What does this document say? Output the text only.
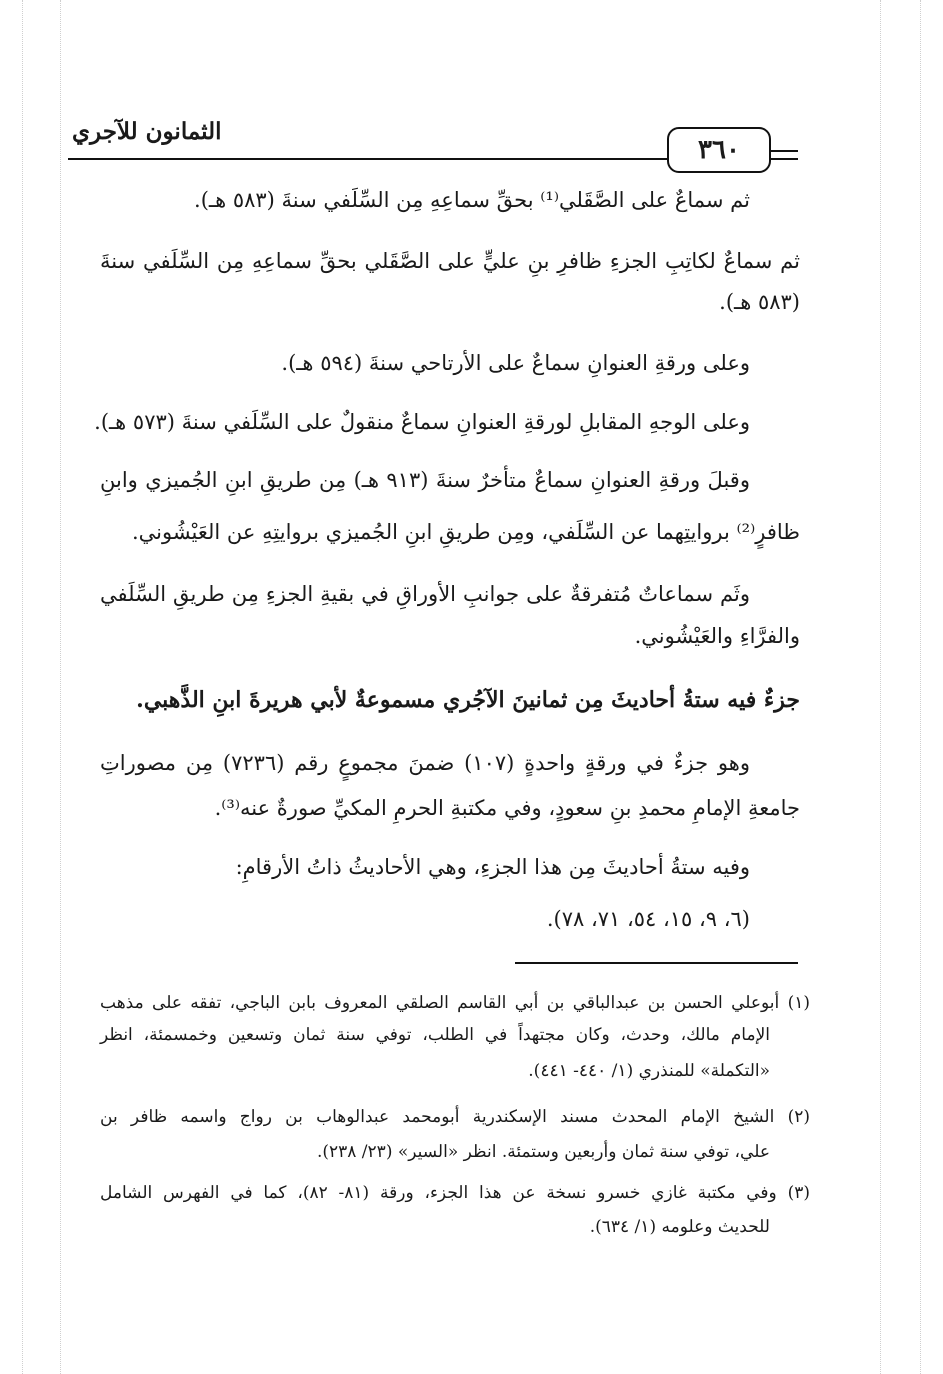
الثمانون للآجري
٣٦٠
ثم سماعٌ على الصَّقَلي⁽¹⁾ بحقِّ سماعِهِ مِن السِّلَفي سنةَ (٥٨٣ هـ).
ثم سماعٌ لكاتِبِ الجزءِ ظافرِ بنِ عليٍّ على الصَّقَلي بحقِّ سماعِهِ مِن السِّلَفي سنةَ
(٥٨٣ هـ).
وعلى ورقةِ العنوانِ سماعٌ على الأرتاحي سنةَ (٥٩٤ هـ).
وعلى الوجهِ المقابلِ لورقةِ العنوانِ سماعٌ منقولٌ على السِّلَفي سنةَ (٥٧٣ هـ).
وقبلَ ورقةِ العنوانِ سماعٌ متأخرٌ سنةَ (٩١٣ هـ) مِن طريقِ ابنِ الجُميزي وابنِ
ظافرٍ⁽²⁾ بروايتِهما عن السِّلَفي، ومِن طريقِ ابنِ الجُميزي بروايتِهِ عن العَيْشُوني.
وثَم سماعاتٌ مُتفرقةٌ على جوانبِ الأوراقِ في بقيةِ الجزءِ مِن طريقِ السِّلَفي
والفرَّاءِ والعَيْشُوني.
جزءٌ فيه ستةُ أحاديثَ مِن ثمانينَ الآجُري مسموعةٌ لأبي هريرةَ ابنِ الذَّهبي.
وهو جزءٌ في ورقةٍ واحدةٍ (١٠٧) ضمنَ مجموعٍ رقم (٧٢٣٦) مِن مصوراتِ
جامعةِ الإمامِ محمدِ بنِ سعودٍ، وفي مكتبةِ الحرمِ المكيِّ صورةٌ عنه⁽³⁾.
وفيه ستةُ أحاديثَ مِن هذا الجزءِ، وهي الأحاديثُ ذاتُ الأرقامِ:
(٦، ٩، ١٥، ٥٤، ٧١، ٧٨).
(١) أبوعلي الحسن بن عبدالباقي بن أبي القاسم الصلقي المعروف بابن الباجي، تفقه على مذهب
الإمام مالك، وحدث، وكان مجتهداً في الطلب، توفي سنة ثمان وتسعين وخمسمئة، انظر
«التكملة» للمنذري (١/ ٤٤٠- ٤٤١).
(٢) الشيخ الإمام المحدث مسند الإسكندرية أبومحمد عبدالوهاب بن رواج واسمه ظافر بن
علي، توفي سنة ثمان وأربعين وستمئة. انظر «السير» (٢٣/ ٢٣٨).
(٣) وفي مكتبة غازي خسرو نسخة عن هذا الجزء، ورقة (٨١- ٨٢)، كما في الفهرس الشامل
للحديث وعلومه (١/ ٦٣٤).
